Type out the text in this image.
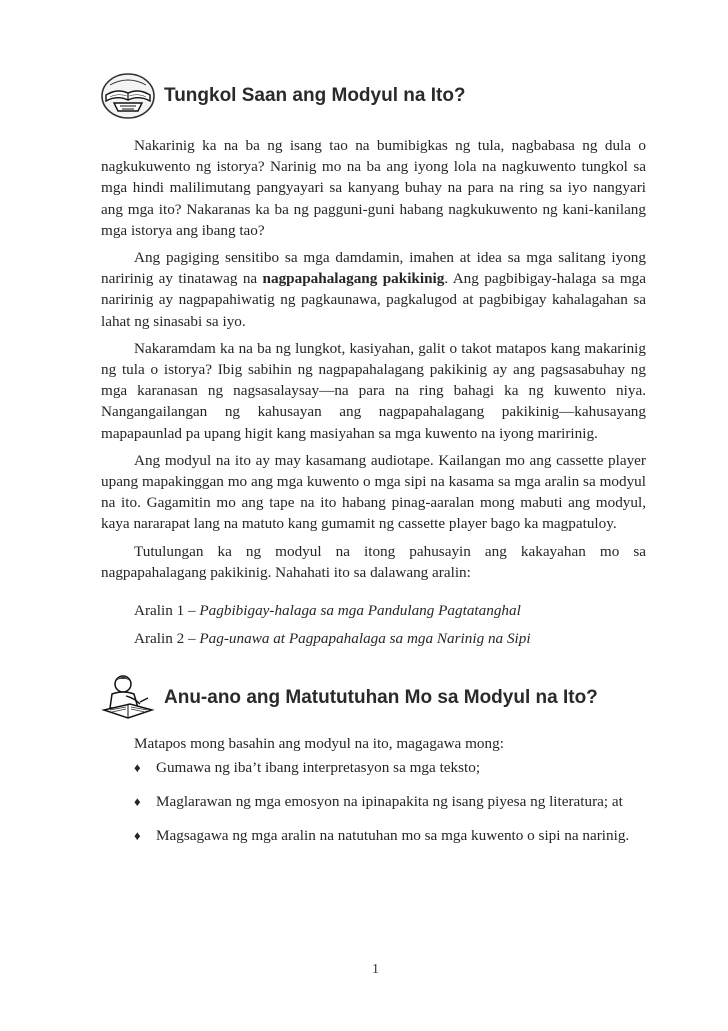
Tungkol Saan ang Modyul na Ito?

Nakarinig ka na ba ng isang tao na bumibigkas ng tula, nagbabasa ng dula o nagkukuwento ng istorya? Narinig mo na ba ang iyong lola na nagkuwento tungkol sa mga hindi malilimutang pangyayari sa kanyang buhay na para na ring sa iyo nangyari ang mga ito? Nakaranas ka ba ng pagguni-guni habang nagkukuwento ng kani-kanilang mga istorya ang ibang tao?

Ang pagiging sensitibo sa mga damdamin, imahen at idea sa mga salitang iyong naririnig ay tinatawag na nagpapahalagang pakikinig. Ang pagbibigay-halaga sa mga naririnig ay nagpapahiwatig ng pagkaunawa, pagkalugod at pagbibigay kahalagahan sa lahat ng sinasabi sa iyo.

Nakaramdam ka na ba ng lungkot, kasiyahan, galit o takot matapos kang makarinig ng tula o istorya? Ibig sabihin ng nagpapahalagang pakikinig ay ang pagsasabuhay ng mga karanasan ng nagsasalaysay—na para na ring bahagi ka ng kuwento niya. Nangangailangan ng kahusayan ang nagpapahalagang pakikinig—kahusayang mapapaunlad pa upang higit kang masiyahan sa mga kuwento na iyong maririnig.

Ang modyul na ito ay may kasamang audiotape. Kailangan mo ang cassette player upang mapakinggan mo ang mga kuwento o mga sipi na kasama sa mga aralin sa modyul na ito. Gagamitin mo ang tape na ito habang pinag-aaralan mong mabuti ang modyul, kaya nararapat lang na matuto kang gumamit ng cassette player bago ka magpatuloy.

Tutulungan ka ng modyul na itong pahusayin ang kakayahan mo sa nagpapahalagang pakikinig. Nahahati ito sa dalawang aralin:

Aralin 1 – Pagbibigay-halaga sa mga Pandulang Pagtatanghal
Aralin 2 – Pag-unawa at Pagpapahalaga sa mga Narinig na Sipi
Anu-ano ang Matututuhan Mo sa Modyul na Ito?
Matapos mong basahin ang modyul na ito, magagawa mong:
♦ Gumawa ng iba’t ibang interpretasyon sa mga teksto;
♦ Maglarawan ng mga emosyon na ipinapakita ng isang piyesa ng literatura; at
♦ Magsagawa ng mga aralin na natutuhan mo sa mga kuwento o sipi na narinig.
1
